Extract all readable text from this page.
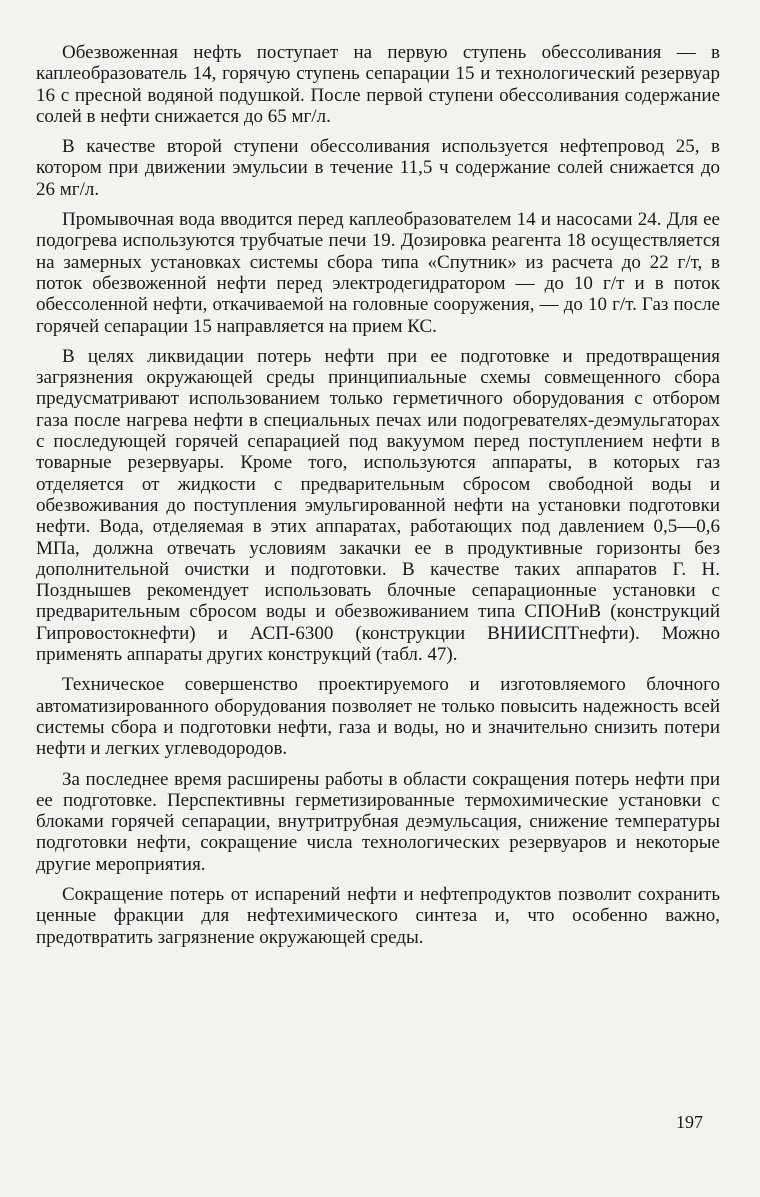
Обезвоженная нефть поступает на первую ступень обессоливания — в каплеобразователь 14, горячую ступень сепарации 15 и технологический резервуар 16 с пресной водяной подушкой. После первой ступени обессоливания содержание солей в нефти снижается до 65 мг/л.

В качестве второй ступени обессоливания используется нефтепровод 25, в котором при движении эмульсии в течение 11,5 ч содержание солей снижается до 26 мг/л.

Промывочная вода вводится перед каплеобразователем 14 и насосами 24. Для ее подогрева используются трубчатые печи 19. Дозировка реагента 18 осуществляется на замерных установках системы сбора типа «Спутник» из расчета до 22 г/т, в поток обезвоженной нефти перед электродегидратором — до 10 г/т и в поток обессоленной нефти, откачиваемой на головные сооружения, — до 10 г/т. Газ после горячей сепарации 15 направляется на прием КС.

В целях ликвидации потерь нефти при ее подготовке и предотвращения загрязнения окружающей среды принципиальные схемы совмещенного сбора предусматривают использованием только герметичного оборудования с отбором газа после нагрева нефти в специальных печах или подогревателях-деэмульгаторах с последующей горячей сепарацией под вакуумом перед поступлением нефти в товарные резервуары. Кроме того, используются аппараты, в которых газ отделяется от жидкости с предварительным сбросом свободной воды и обезвоживания до поступления эмульгированной нефти на установки подготовки нефти. Вода, отделяемая в этих аппаратах, работающих под давлением 0,5—0,6 МПа, должна отвечать условиям закачки ее в продуктивные горизонты без дополнительной очистки и подготовки. В качестве таких аппаратов Г. Н. Позднышев рекомендует использовать блочные сепарационные установки с предварительным сбросом воды и обезвоживанием типа СПОНиВ (конструкций Гипровостокнефти) и АСП-6300 (конструкции ВНИИСПТнефти). Можно применять аппараты других конструкций (табл. 47).

Техническое совершенство проектируемого и изготовляемого блочного автоматизированного оборудования позволяет не только повысить надежность всей системы сбора и подготовки нефти, газа и воды, но и значительно снизить потери нефти и легких углеводородов.

За последнее время расширены работы в области сокращения потерь нефти при ее подготовке. Перспективны герметизированные термохимические установки с блоками горячей сепарации, внутритрубная деэмульсация, снижение температуры подготовки нефти, сокращение числа технологических резервуаров и некоторые другие мероприятия.

Сокращение потерь от испарений нефти и нефтепродуктов позволит сохранить ценные фракции для нефтехимического синтеза и, что особенно важно, предотвратить загрязнение окружающей среды.

197
